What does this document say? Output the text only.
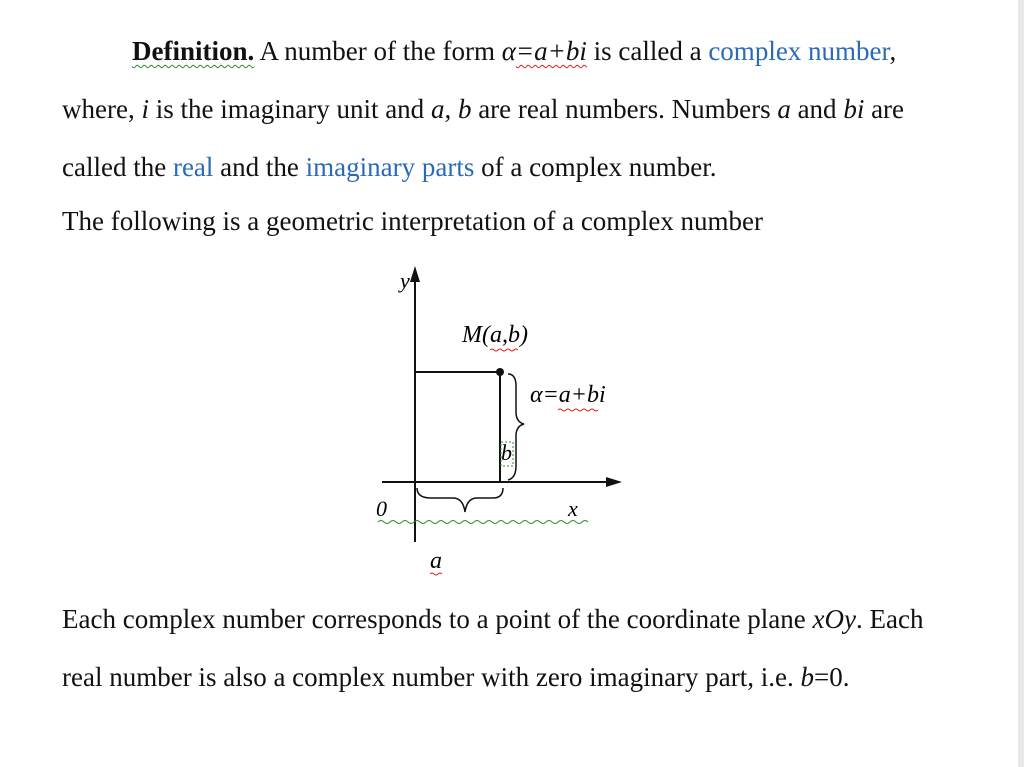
Definition. A number of the form α=a+bi is called a complex number,
where, i is the imaginary unit and a, b are real numbers. Numbers a and bi are
called the real and the imaginary parts of a complex number.
The following is a geometric interpretation of a complex number
y
x
0
M(a,b)
α=a+bi
b
a
Each complex number corresponds to a point of the coordinate plane xOy. Each
real number is also a complex number with zero imaginary part, i.e. b=0.
